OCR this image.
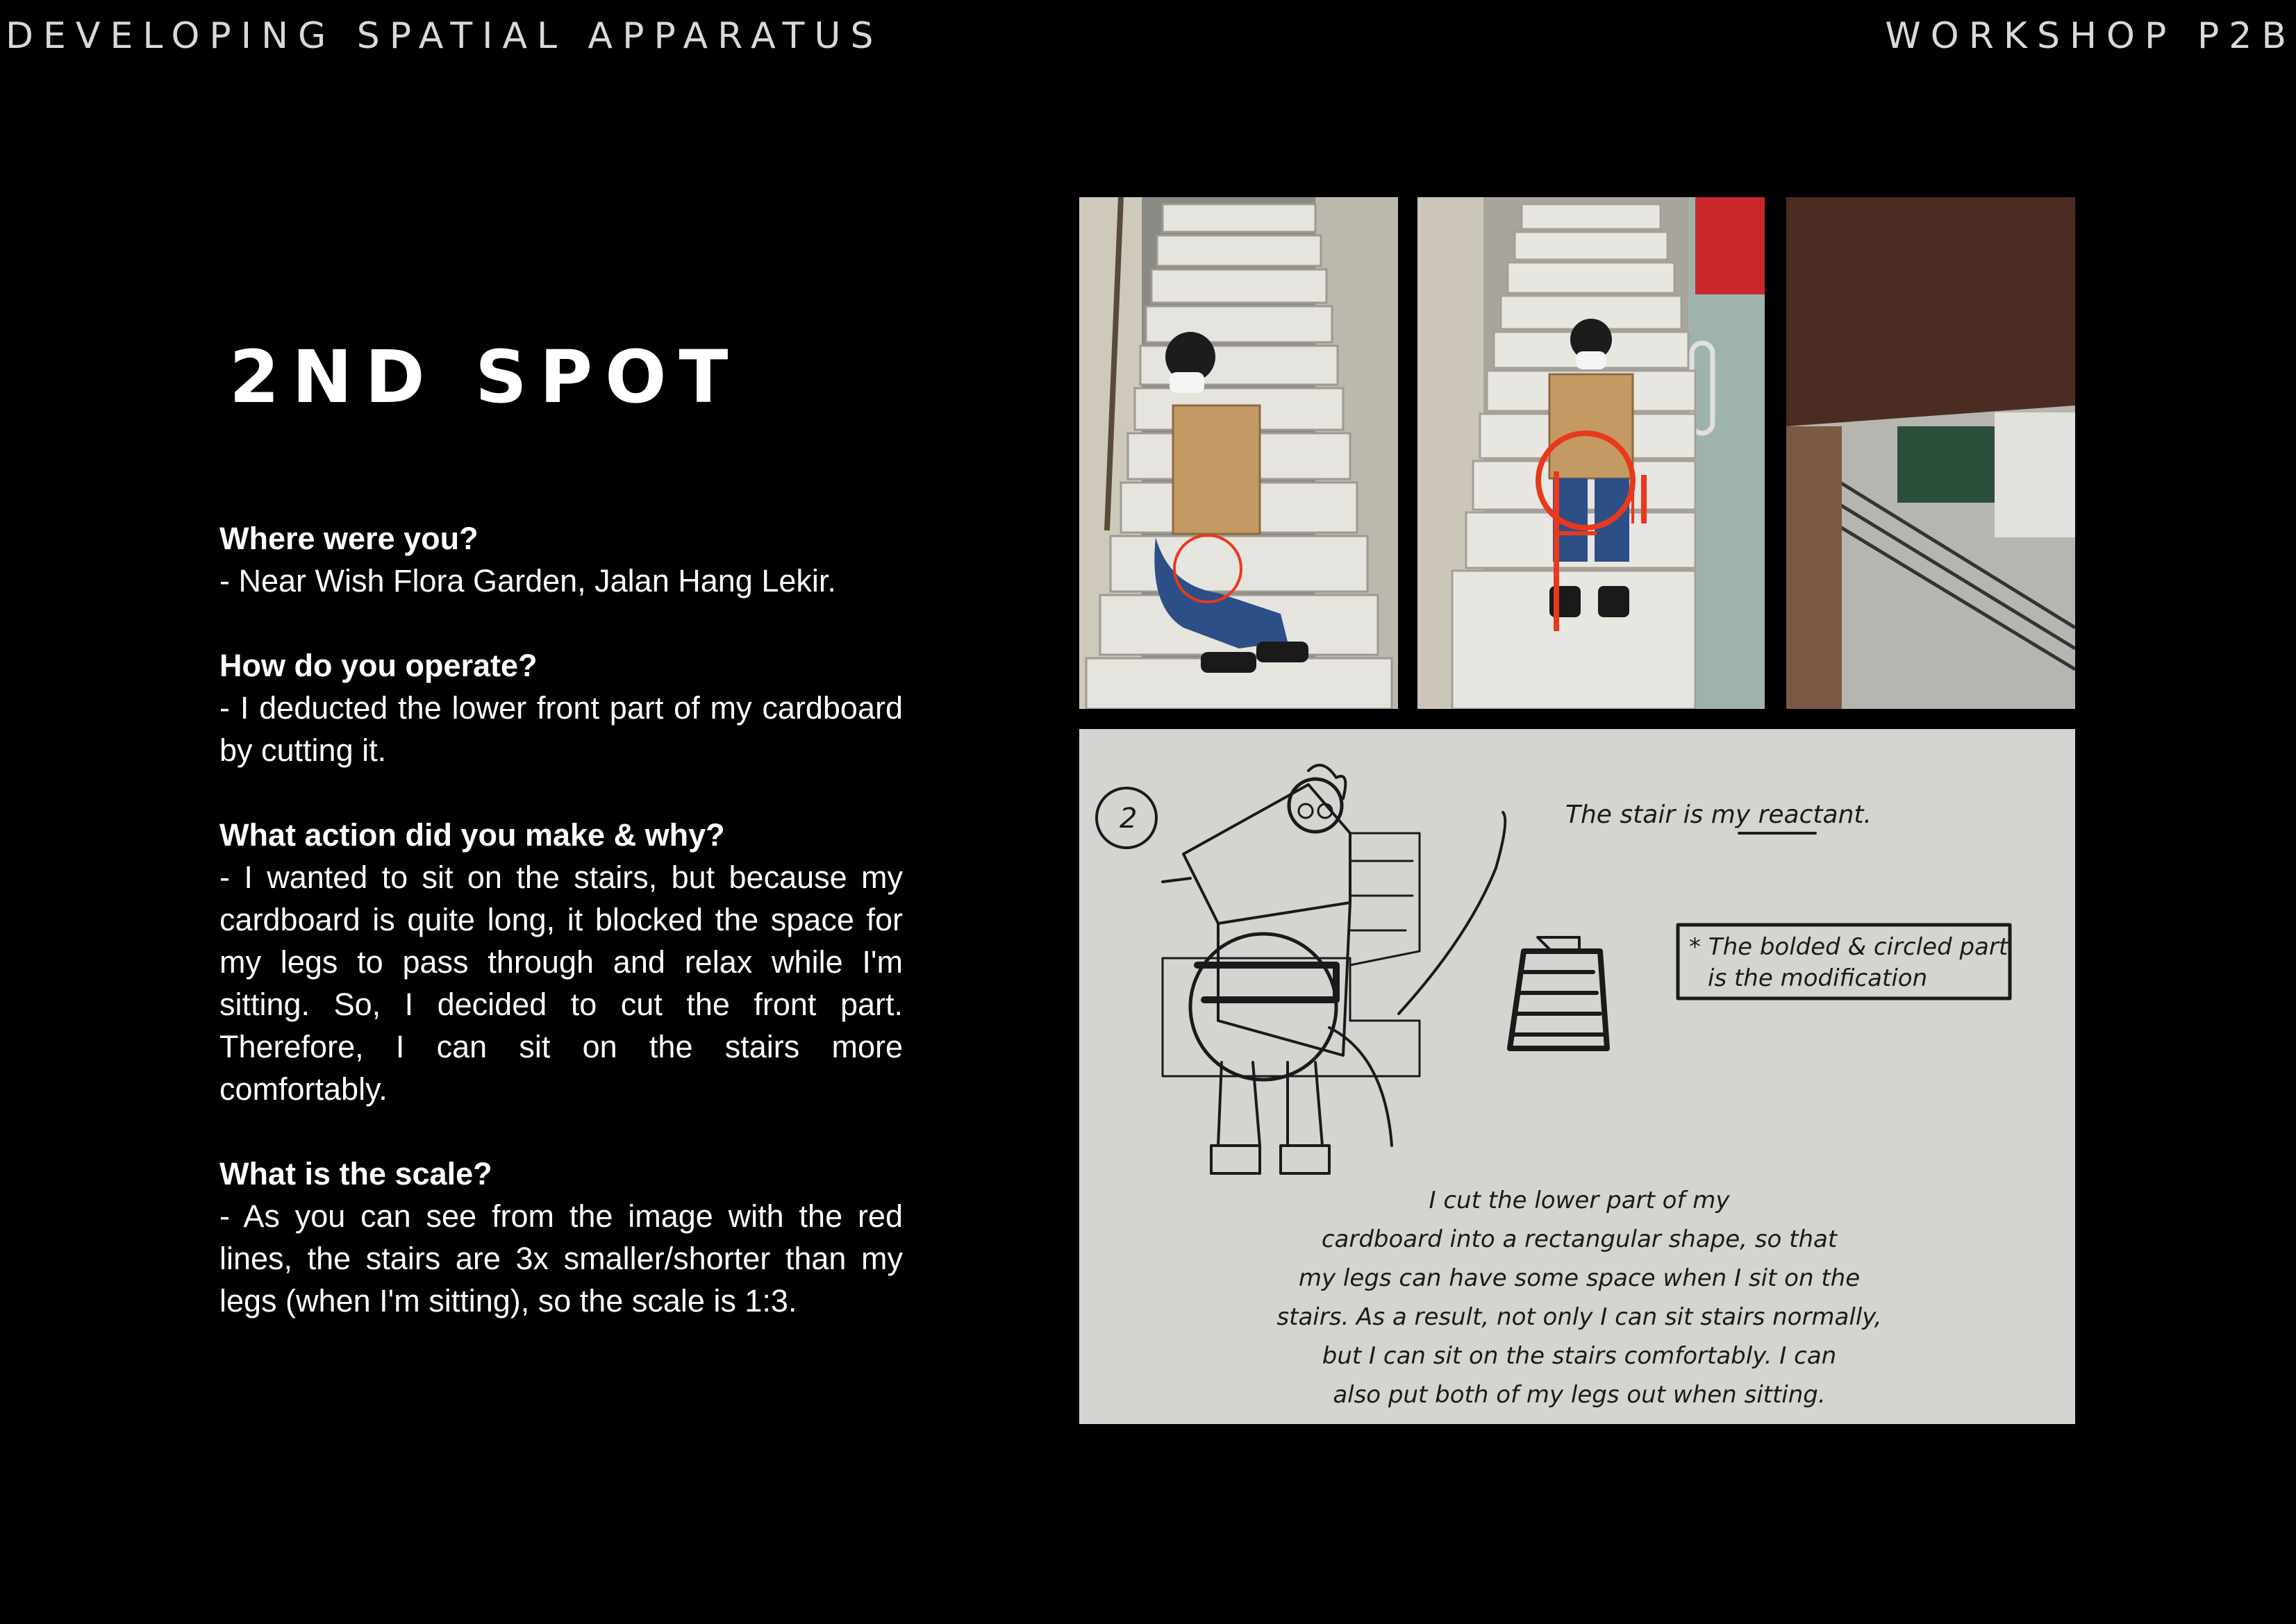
DEVELOPING SPATIAL APPARATUS	WORKSHOP P2B
2ND SPOT
Where were you?
- Near Wish Flora Garden, Jalan Hang Lekir.
How do you operate?
- I deducted the lower front part of my cardboard by cutting it.
What action did you make & why?
- I wanted to sit on the stairs, but because my cardboard is quite long, it blocked the space for my legs to pass through and relax while I'm sitting. So, I decided to cut the front part. Therefore, I can sit on the stairs more comfortably.
What is the scale?
- As you can see from the image with the red lines, the stairs are 3x smaller/shorter than my legs (when I'm sitting), so the scale is 1:3.
2	The stair is my reactant.
* The bolded & circled part
is the modification
I cut the lower part of my
cardboard into a rectangular shape, so that
my legs can have some space when I sit on the
stairs. As a result, not only I can sit stairs normally,
but I can sit on the stairs comfortably. I can
also put both of my legs out when sitting.
